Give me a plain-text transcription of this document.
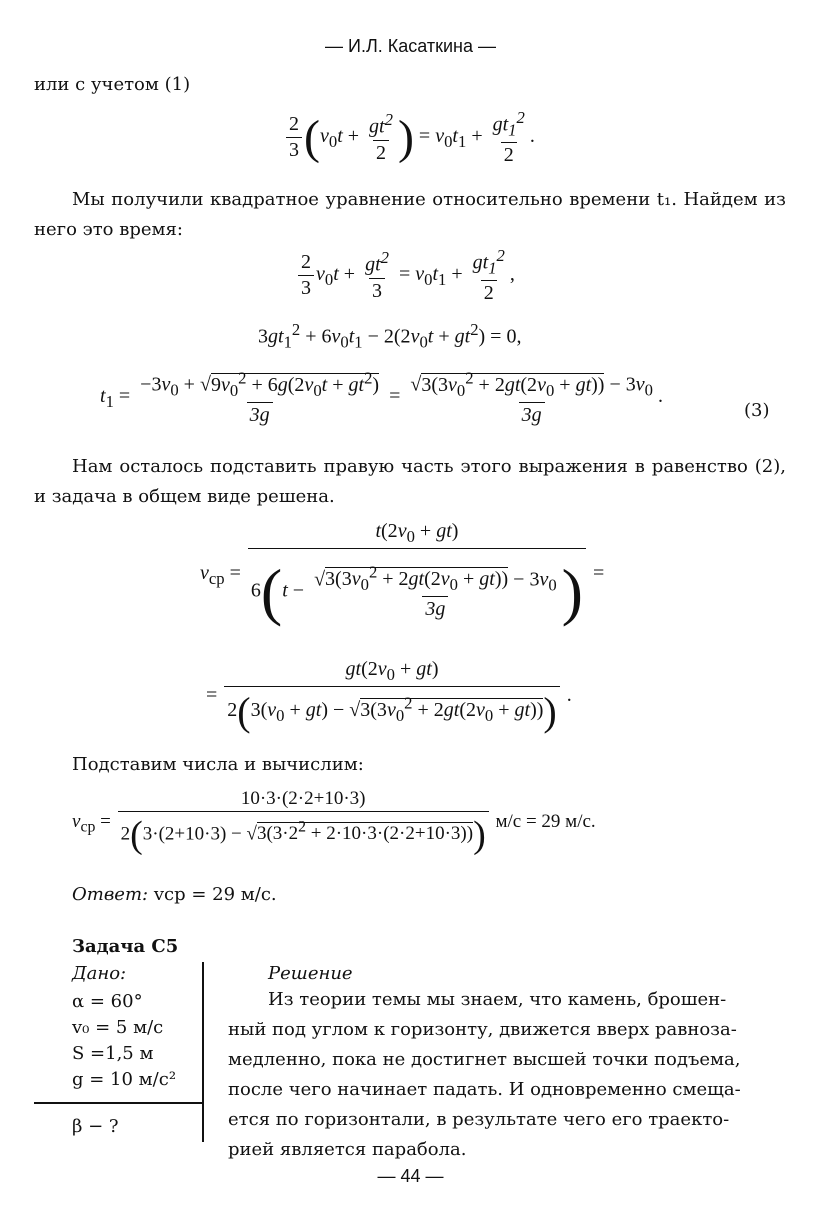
— И.Л. Касаткина —
или с учетом (1)
$\frac{2}{3} (v_0t + \frac{gt^2}{2}$ ) = $v_0t_1 + \frac{gt_1^2}{2}$ .
Мы получили квадратное уравнение относительно времени t₁. Найдем из него это время:
$\frac{2}{3} v_0t + \frac{gt^2}{3} = v_0t_1 + \frac{gt_1^2}{2}$ ,
$3gt_1^2 + 6v_0t_1 - 2(2v_0t + gt^2) = 0$,
$t_1 = \frac{-3v_0 + √9v_0^2 + 6g(2v_0t + gt^2)}{3g} = \frac{√3(3v_0^2 + 2gt(2v_0 + gt)) - 3v_0}{3g}$ .
(3)
Нам осталось подставить правую часть этого выражения в равенство (2), и задача в общем виде решена.
$v_{ср} = \frac{t(2v_0 + gt)}{6(t - \frac{√3(3v_0^2 + 2gt(2v_0 + gt)) - 3v_0}{3g} )}$ =
= $\frac{gt(2v_0 + gt)}{2(3(v_0 + gt) - √3(3v_0^2 + 2gt(2v_0 + gt)))}$ .
Подставим числа и вычислим:
$v_{ср} = \frac{10\cdot 3\cdot(2\cdot 2+10\cdot 3)}{2(3\cdot(2+10\cdot 3) - √3(3\cdot 2^2 + 2\cdot 10\cdot 3\cdot(2\cdot 2+10\cdot 3)))} м/с = 29$ м/с.
Ответ: vср = 29 м/с.
Задача С5
Дано:
α = 60°
v₀ = 5 м/с
S =1,5 м
g = 10 м/с²
β − ?
Решение
Из теории темы мы знаем, что камень, брошен-
ный под углом к горизонту, движется вверх равноза-
медленно, пока не достигнет высшей точки подъема,
после чего начинает падать. И одновременно смеща-
ется по горизонтали, в результате чего его траекто-
рией является парабола.
— 44 —
